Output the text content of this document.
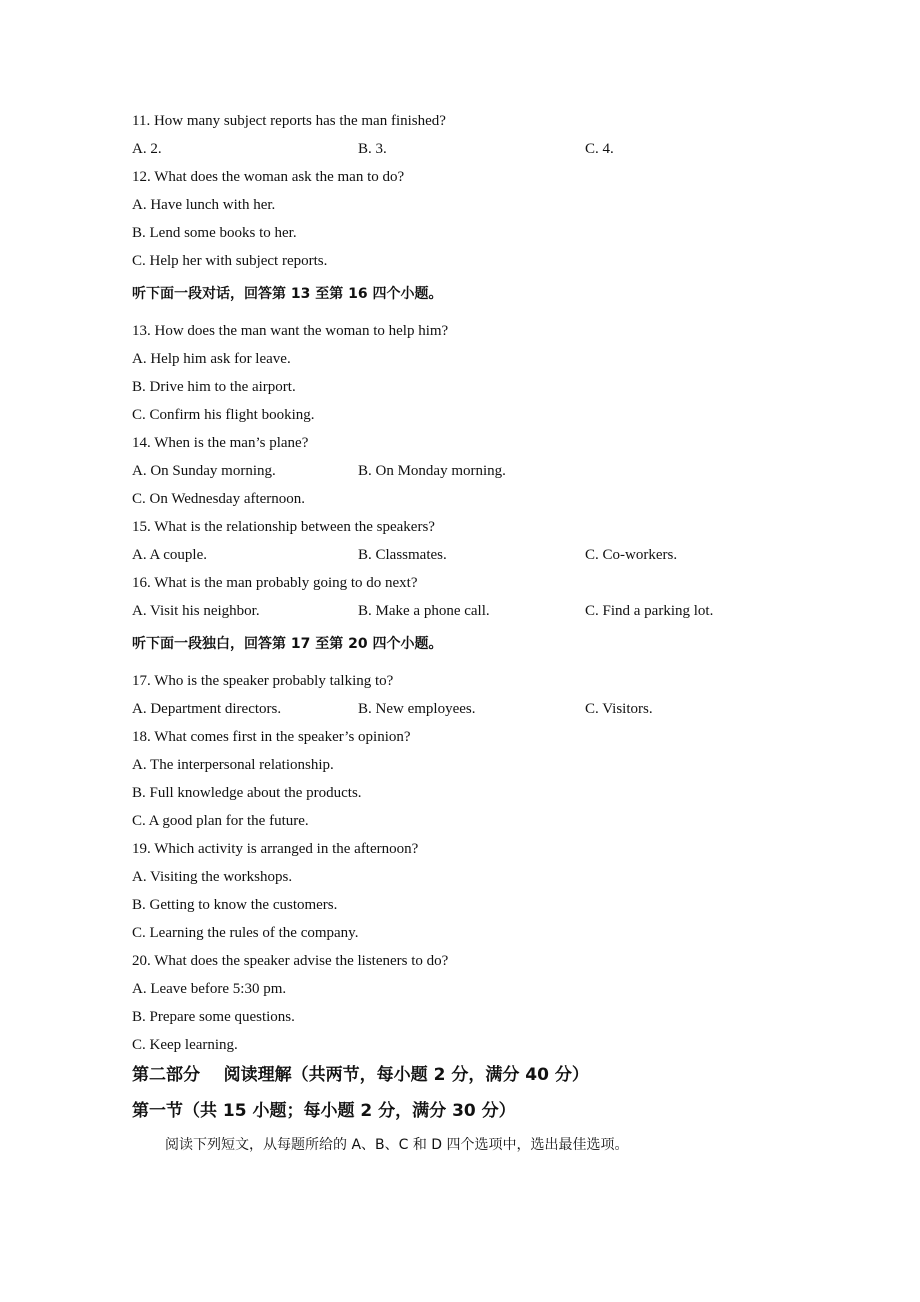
11. How many subject reports has the man finished?
A. 2.	B. 3.	C. 4.
12. What does the woman ask the man to do?
A. Have lunch with her.
B. Lend some books to her.
C. Help her with subject reports.
听下面一段对话，回答第 13 至第 16 四个小题。
13. How does the man want the woman to help him?
A. Help him ask for leave.
B. Drive him to the airport.
C. Confirm his flight booking.
14. When is the man’s plane?
A. On Sunday morning.	B. On Monday morning.
C. On Wednesday afternoon.
15. What is the relationship between the speakers?
A. A couple.	B. Classmates.	C. Co-workers.
16. What is the man probably going to do next?
A. Visit his neighbor.	B. Make a phone call.	C. Find a parking lot.
听下面一段独白，回答第 17 至第 20 四个小题。
17. Who is the speaker probably talking to?
A. Department directors.	B. New employees.	C. Visitors.
18. What comes first in the speaker’s opinion?
A. The interpersonal relationship.
B. Full knowledge about the products.
C. A good plan for the future.
19. Which activity is arranged in the afternoon?
A. Visiting the workshops.
B. Getting to know the customers.
C. Learning the rules of the company.
20. What does the speaker advise the listeners to do?
A. Leave before 5:30 pm.
B. Prepare some questions.
C. Keep learning.
第二部分    阅读理解（共两节，每小题 2 分，满分 40 分）
第一节（共 15 小题；每小题 2 分，满分 30 分）
阅读下列短文，从每题所给的 A、B、C 和 D 四个选项中，选出最佳选项。
